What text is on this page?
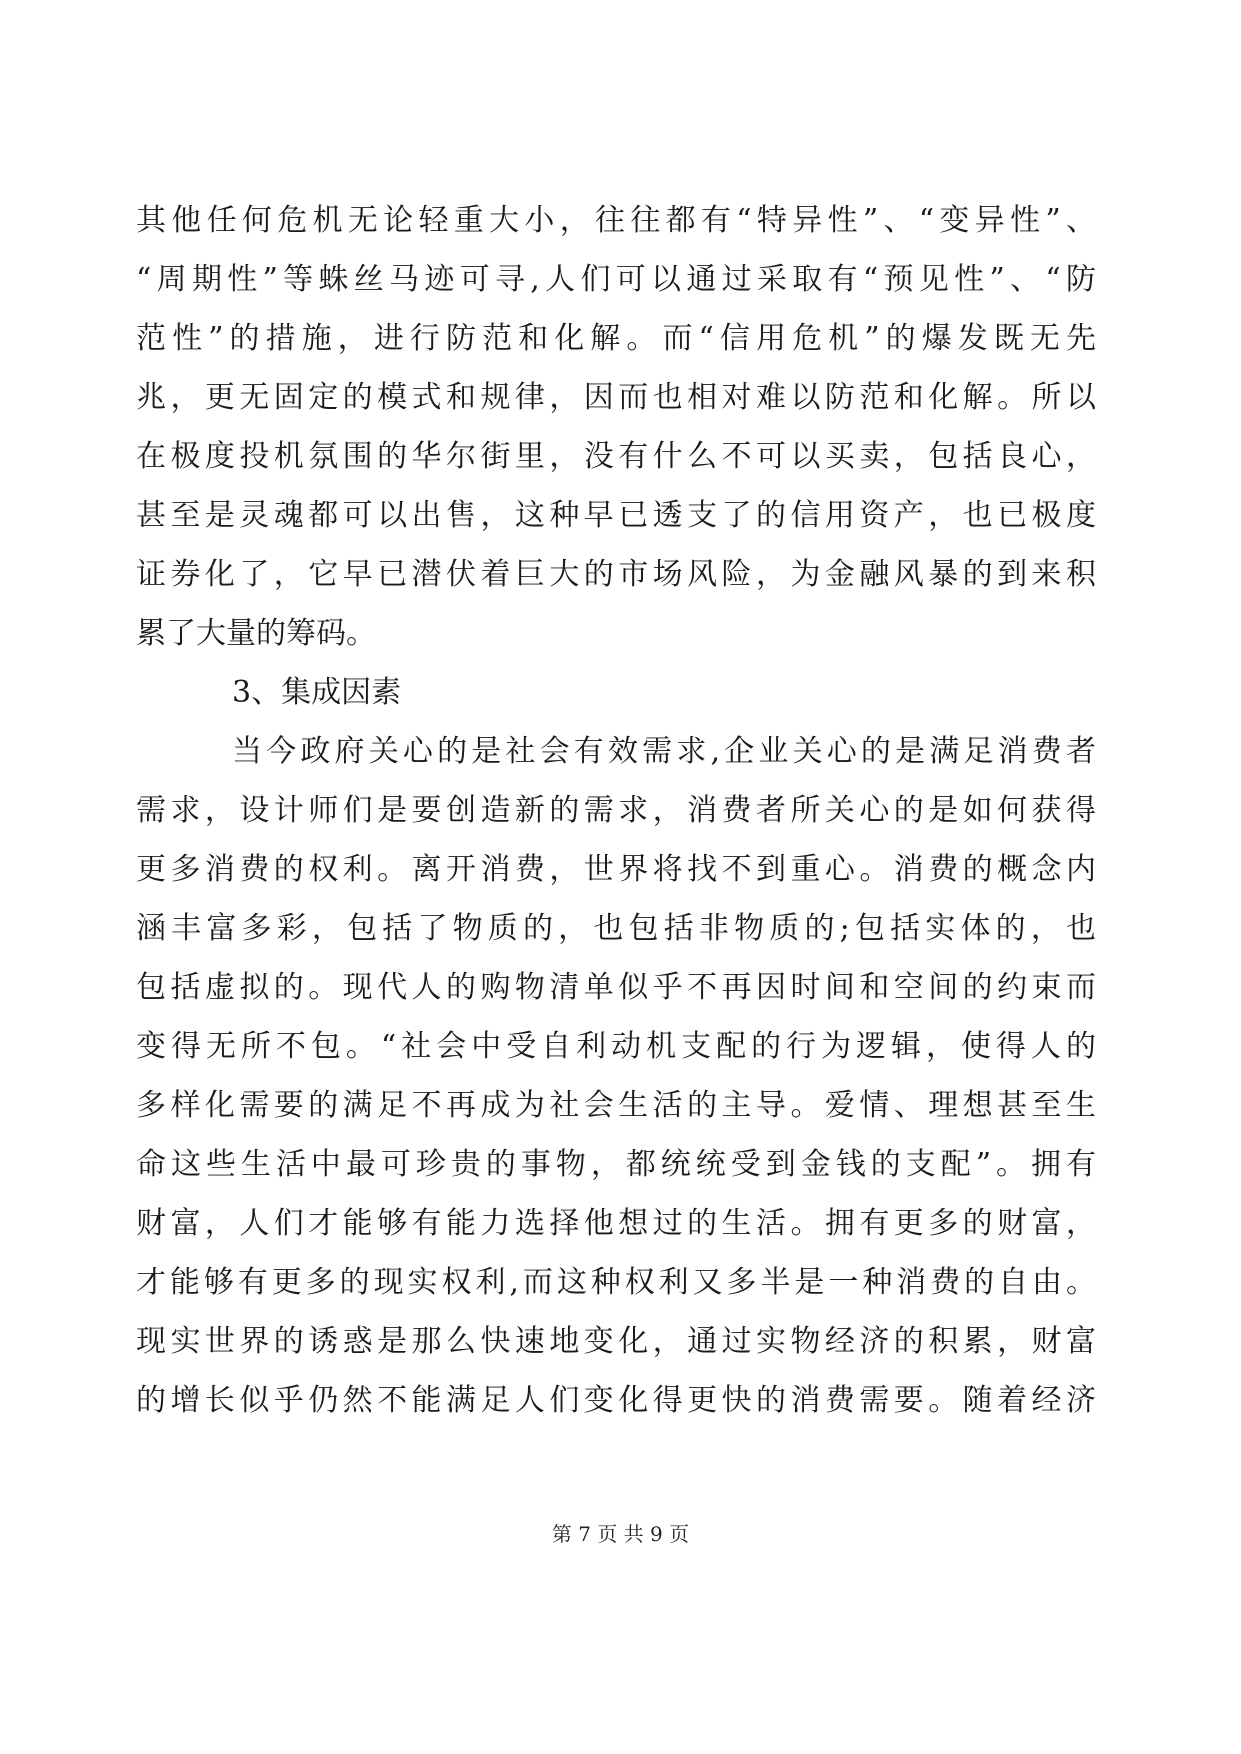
其他任何危机无论轻重大小，往往都有“特异性”、“变异性”、
“周期性”等蛛丝马迹可寻,人们可以通过采取有“预见性”、“防
范性”的措施，进行防范和化解。而“信用危机”的爆发既无先
兆，更无固定的模式和规律，因而也相对难以防范和化解。所以
在极度投机氛围的华尔街里，没有什么不可以买卖，包括良心，
甚至是灵魂都可以出售，这种早已透支了的信用资产，也已极度
证券化了，它早已潜伏着巨大的市场风险，为金融风暴的到来积
累了大量的筹码。
3、集成因素
当今政府关心的是社会有效需求,企业关心的是满足消费者
需求，设计师们是要创造新的需求，消费者所关心的是如何获得
更多消费的权利。离开消费，世界将找不到重心。消费的概念内
涵丰富多彩，包括了物质的，也包括非物质的;包括实体的，也
包括虚拟的。现代人的购物清单似乎不再因时间和空间的约束而
变得无所不包。“社会中受自利动机支配的行为逻辑，使得人的
多样化需要的满足不再成为社会生活的主导。爱情、理想甚至生
命这些生活中最可珍贵的事物，都统统受到金钱的支配”。拥有
财富，人们才能够有能力选择他想过的生活。拥有更多的财富，
才能够有更多的现实权利,而这种权利又多半是一种消费的自由。
现实世界的诱惑是那么快速地变化，通过实物经济的积累，财富
的增长似乎仍然不能满足人们变化得更快的消费需要。随着经济
第 7 页 共 9 页
